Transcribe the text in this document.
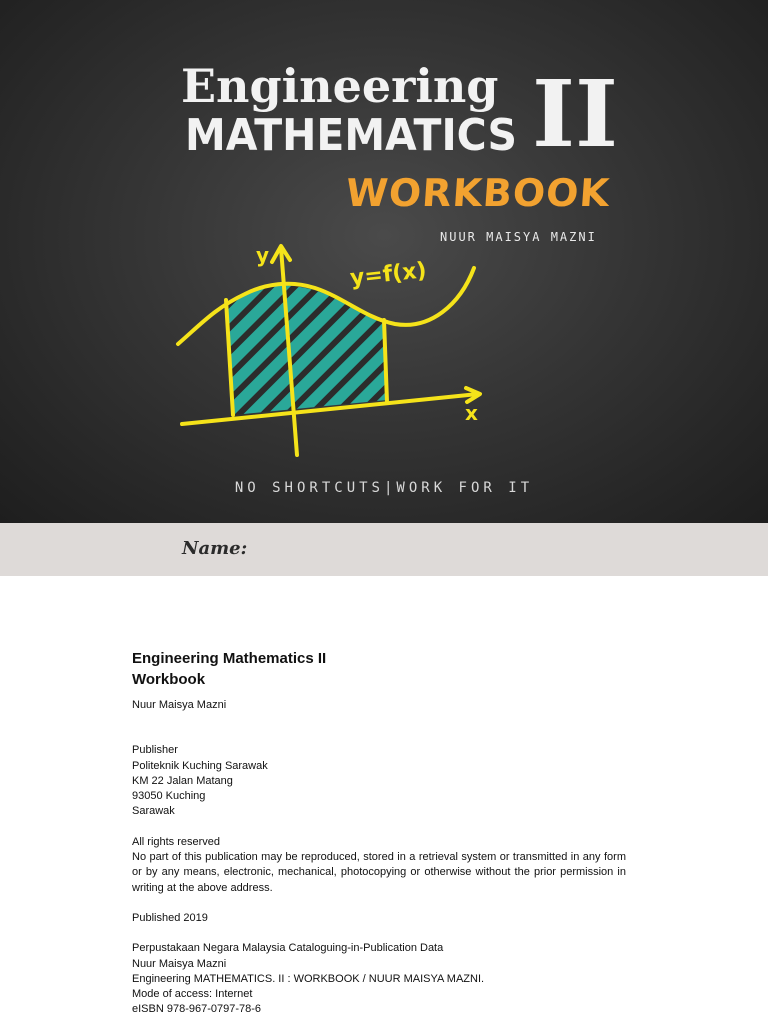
Engineering
MATHEMATICS II
WORKBOOK
NUUR MAISYA MAZNI
y
x
y=f(x)
NO SHORTCUTS|WORK FOR IT
Name:
Engineering Mathematics II
Workbook
Nuur Maisya Mazni
Publisher
Politeknik Kuching Sarawak
KM 22 Jalan Matang
93050 Kuching
Sarawak
All rights reserved
No part of this publication may be reproduced, stored in a retrieval system or transmitted in any form or by any means, electronic, mechanical, photocopying or otherwise without the prior permission in writing at the above address.
Published 2019
Perpustakaan Negara Malaysia Cataloguing-in-Publication Data
Nuur Maisya Mazni
Engineering MATHEMATICS. II : WORKBOOK / NUUR MAISYA MAZNI.
Mode of access: Internet
eISBN 978-967-0797-78-6
